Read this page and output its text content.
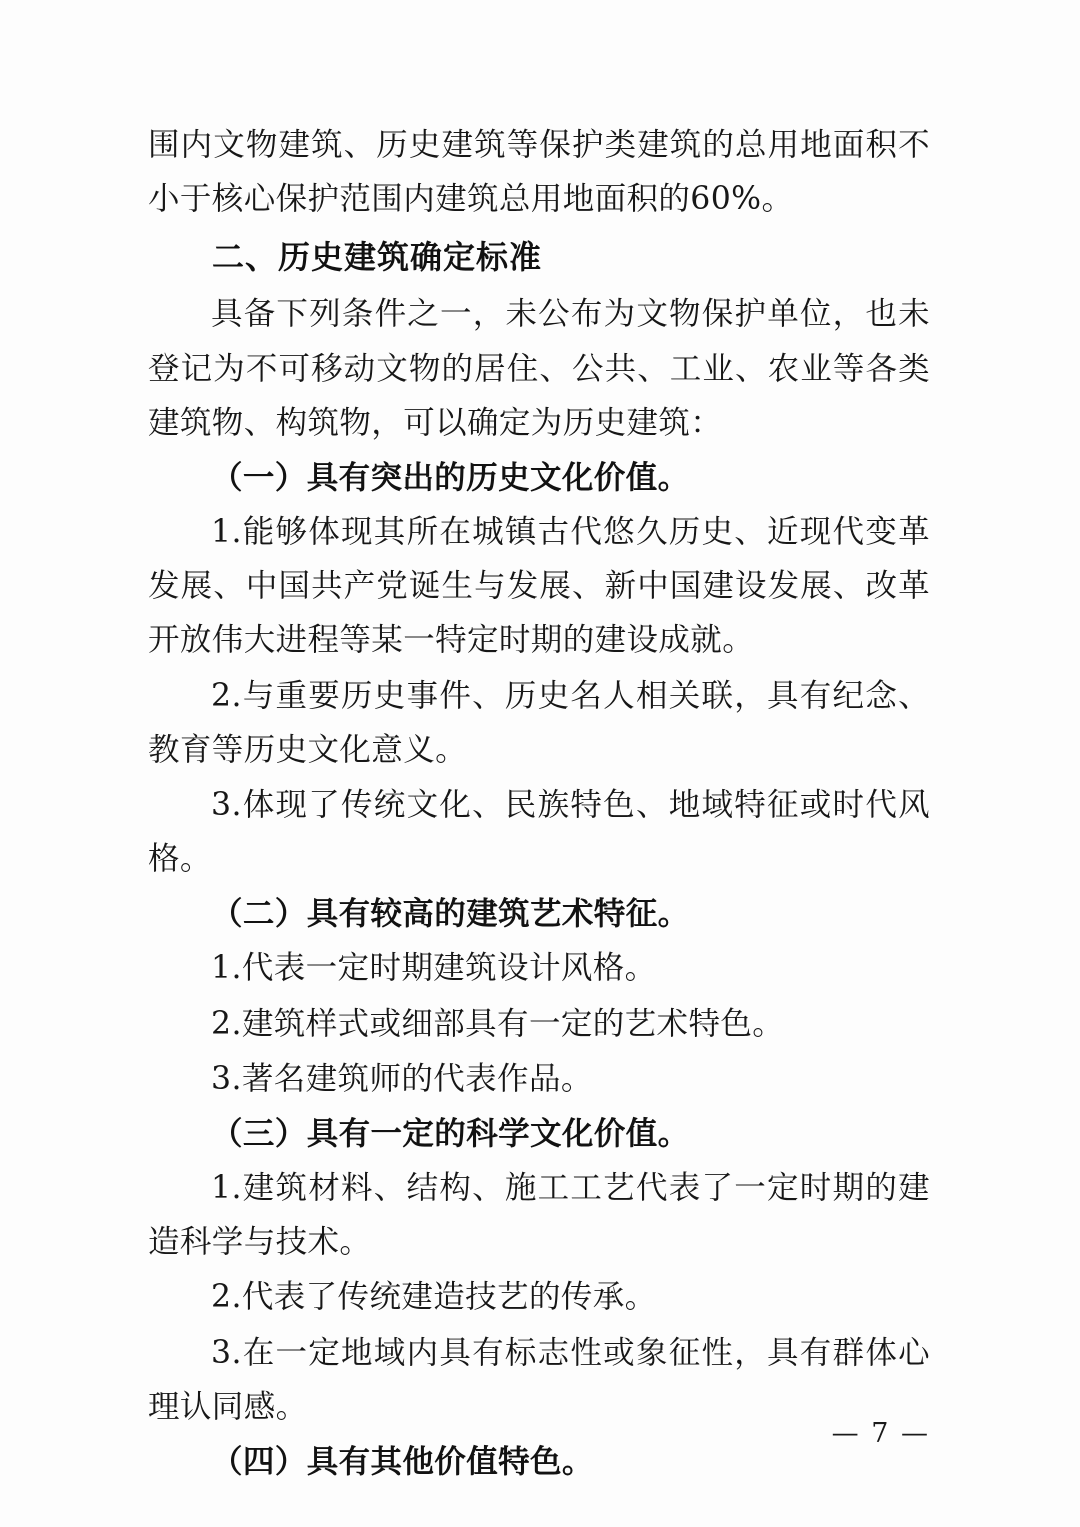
围内文物建筑、历史建筑等保护类建筑的总用地面积不小于核心保护范围内建筑总用地面积的60%。

二、历史建筑确定标准

具备下列条件之一，未公布为文物保护单位，也未登记为不可移动文物的居住、公共、工业、农业等各类建筑物、构筑物，可以确定为历史建筑：

（一）具有突出的历史文化价值。

1.能够体现其所在城镇古代悠久历史、近现代变革发展、中国共产党诞生与发展、新中国建设发展、改革开放伟大进程等某一特定时期的建设成就。

2.与重要历史事件、历史名人相关联，具有纪念、教育等历史文化意义。

3.体现了传统文化、民族特色、地域特征或时代风格。

（二）具有较高的建筑艺术特征。

1.代表一定时期建筑设计风格。

2.建筑样式或细部具有一定的艺术特色。

3.著名建筑师的代表作品。

（三）具有一定的科学文化价值。

1.建筑材料、结构、施工工艺代表了一定时期的建造科学与技术。

2.代表了传统建造技艺的传承。

3.在一定地域内具有标志性或象征性，具有群体心理认同感。

（四）具有其他价值特色。

— 7 —
